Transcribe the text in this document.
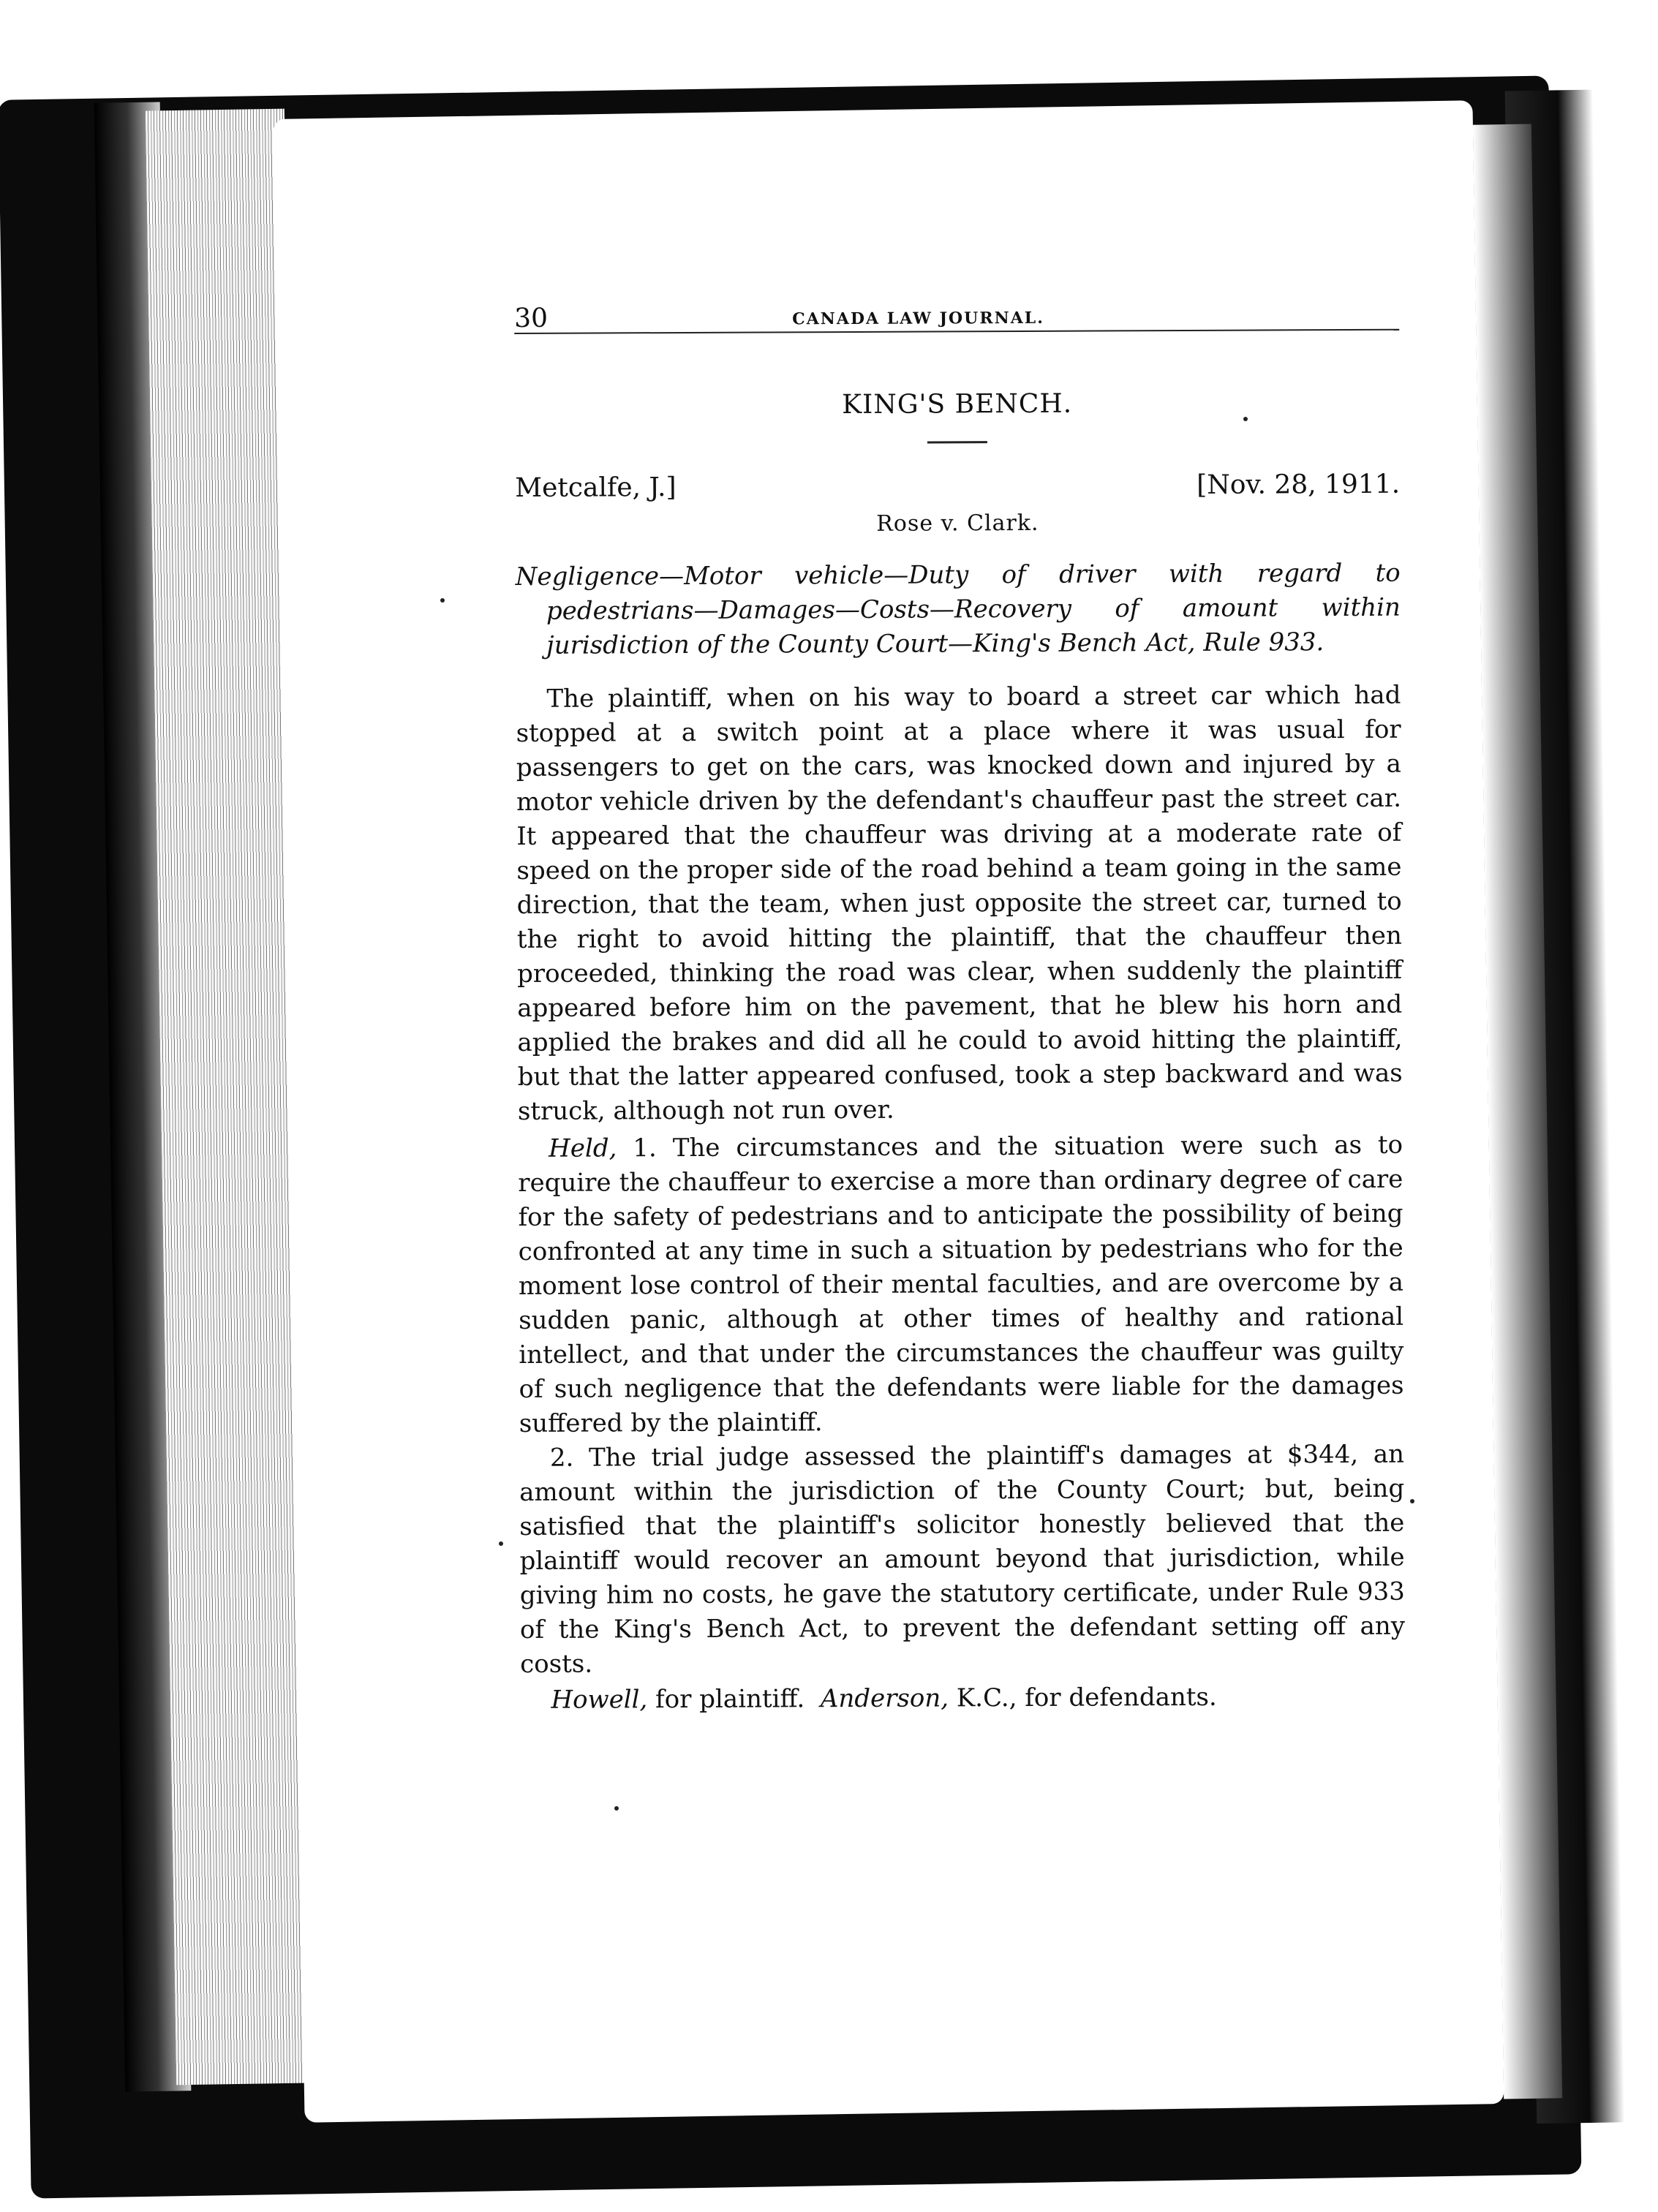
30	CANADA LAW JOURNAL.
KING'S BENCH.
Metcalfe, J.]	[Nov. 28, 1911.
Rose v. Clark.
Negligence—Motor vehicle—Duty of driver with regard to pedestrians—Damages—Costs—Recovery of amount within jurisdiction of the County Court—King's Bench Act, Rule 933.

The plaintiff, when on his way to board a street car which had stopped at a switch point at a place where it was usual for passengers to get on the cars, was knocked down and injured by a motor vehicle driven by the defendant's chauffeur past the street car. It appeared that the chauffeur was driving at a moderate rate of speed on the proper side of the road behind a team going in the same direction, that the team, when just opposite the street car, turned to the right to avoid hitting the plaintiff, that the chauffeur then proceeded, thinking the road was clear, when suddenly the plaintiff appeared before him on the pavement, that he blew his horn and applied the brakes and did all he could to avoid hitting the plaintiff, but that the latter appeared confused, took a step backward and was struck, although not run over.

Held, 1. The circumstances and the situation were such as to require the chauffeur to exercise a more than ordinary degree of care for the safety of pedestrians and to anticipate the possibility of being confronted at any time in such a situation by pedestrians who for the moment lose control of their mental faculties, and are overcome by a sudden panic, although at other times of healthy and rational intellect, and that under the circumstances the chauffeur was guilty of such negligence that the defendants were liable for the damages suffered by the plaintiff.

2. The trial judge assessed the plaintiff's damages at $344, an amount within the jurisdiction of the County Court; but, being satisfied that the plaintiff's solicitor honestly believed that the plaintiff would recover an amount beyond that jurisdiction, while giving him no costs, he gave the statutory certificate, under Rule 933 of the King's Bench Act, to prevent the defendant setting off any costs.

Howell, for plaintiff. Anderson, K.C., for defendants.
